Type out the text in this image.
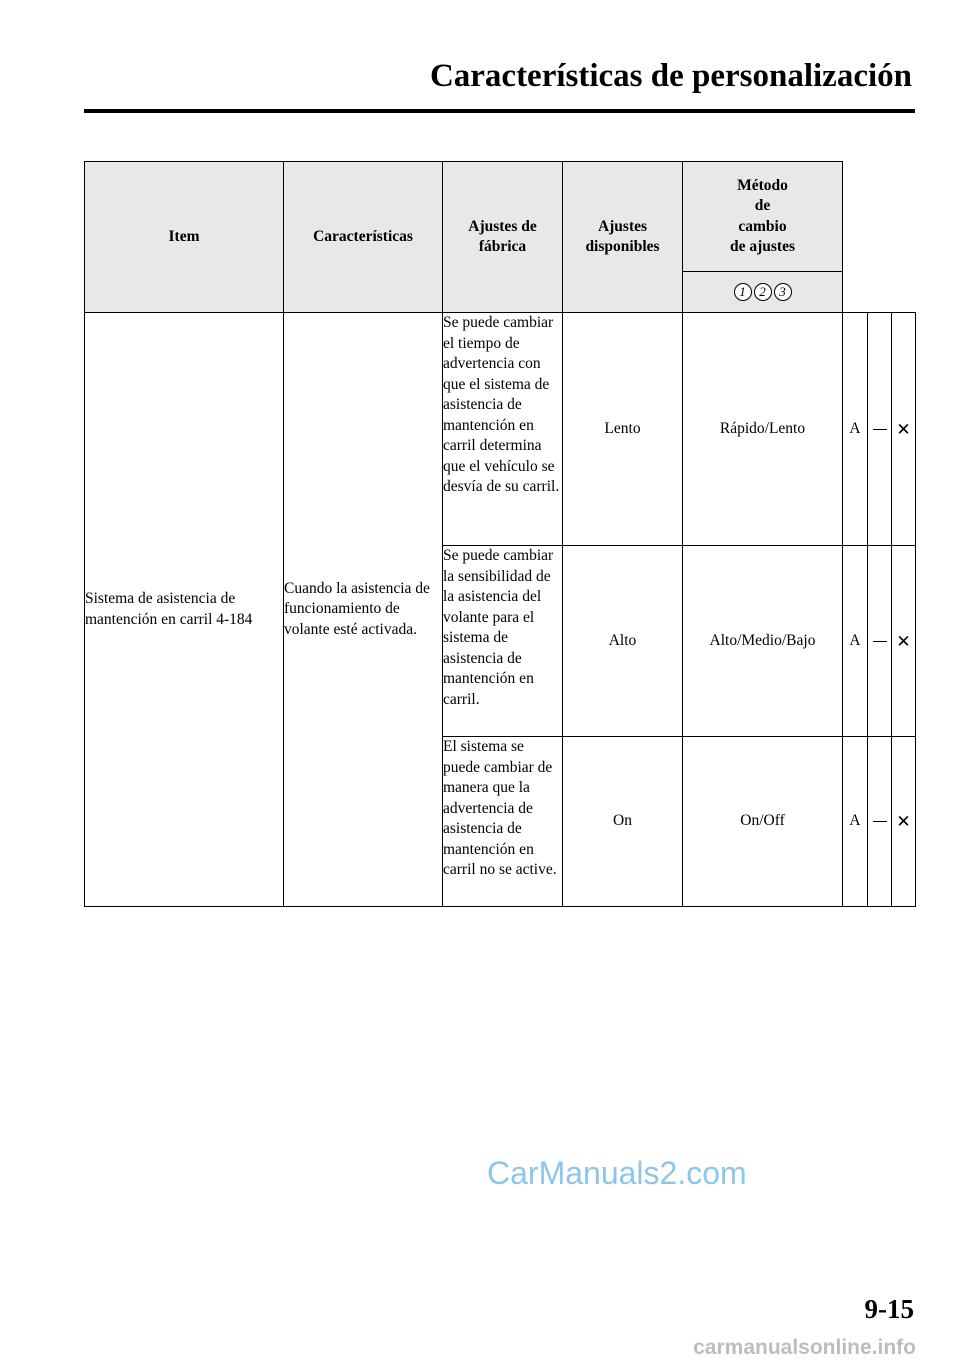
Características de personalización
Item	Características	Ajustes de fábrica	Ajustes disponibles	Método de cambio de ajustes
1 2 3	

Sistema de asistencia de mantención en carril 4-184	Cuando la asistencia de funcionamiento de volante esté activada.	Se puede cambiar el tiempo de advertencia con que el sistema de asistencia de mantención en carril determina que el vehículo se desvía de su carril.	Lento	Rápido/Lento	A ✕

		Se puede cambiar la sensibilidad de la asistencia del volante para el sistema de asistencia de mantención en carril.	Alto	Alto/Medio/Bajo	A ✕

		El sistema se puede cambiar de manera que la advertencia de asistencia de mantención en carril no se active.	On	On/Off	A ✕
CarManuals2.com
9-15
carmanualsonline.info
